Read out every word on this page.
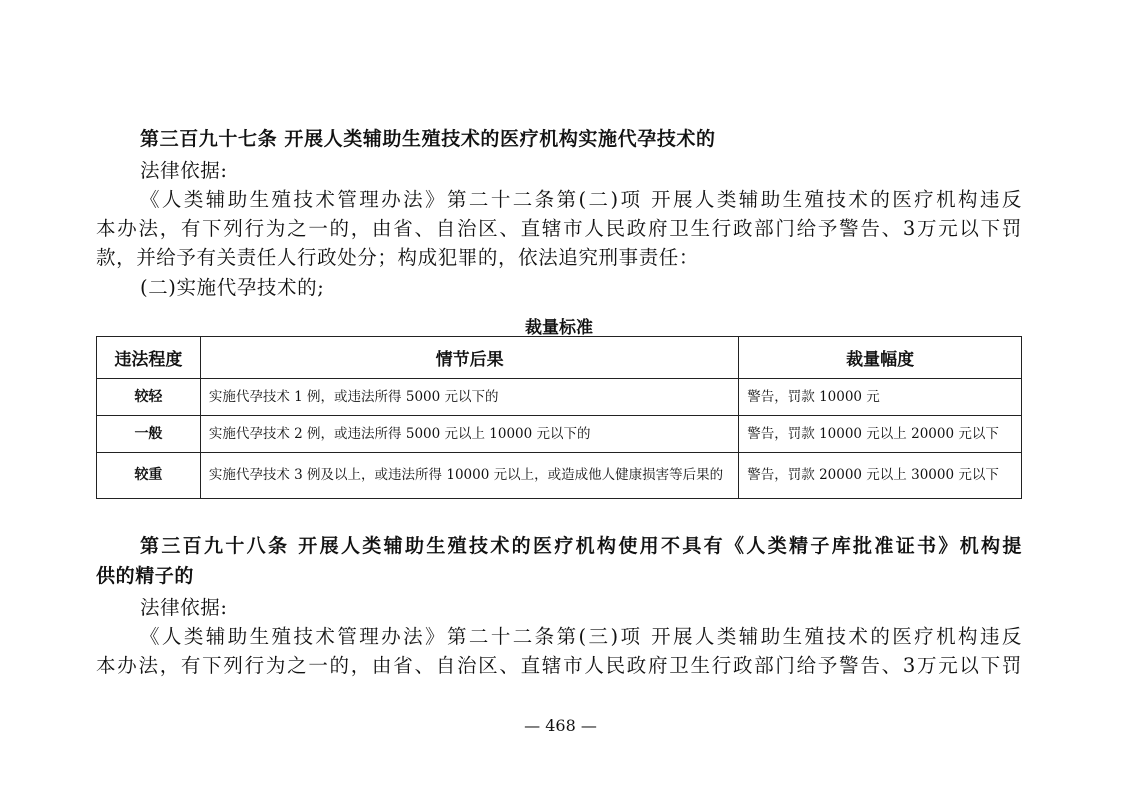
第三百九十七条 开展人类辅助生殖技术的医疗机构实施代孕技术的
法律依据:
《人类辅助生殖技术管理办法》第二十二条第(二)项 开展人类辅助生殖技术的医疗机构违反
本办法，有下列行为之一的，由省、自治区、直辖市人民政府卫生行政部门给予警告、3万元以下罚
款，并给予有关责任人行政处分；构成犯罪的，依法追究刑事责任：
(二)实施代孕技术的;
裁量标准
违法程度	情节后果	裁量幅度
较轻	实施代孕技术 1 例，或违法所得 5000 元以下的	警告，罚款 10000 元
一般	实施代孕技术 2 例，或违法所得 5000 元以上 10000 元以下的	警告，罚款 10000 元以上 20000 元以下
较重	实施代孕技术 3 例及以上，或违法所得 10000 元以上，或造成他人健康损害等后果的	警告，罚款 20000 元以上 30000 元以下
第三百九十八条 开展人类辅助生殖技术的医疗机构使用不具有《人类精子库批准证书》机构提
供的精子的
法律依据:
《人类辅助生殖技术管理办法》第二十二条第(三)项 开展人类辅助生殖技术的医疗机构违反
本办法，有下列行为之一的，由省、自治区、直辖市人民政府卫生行政部门给予警告、3万元以下罚
— 468 —
